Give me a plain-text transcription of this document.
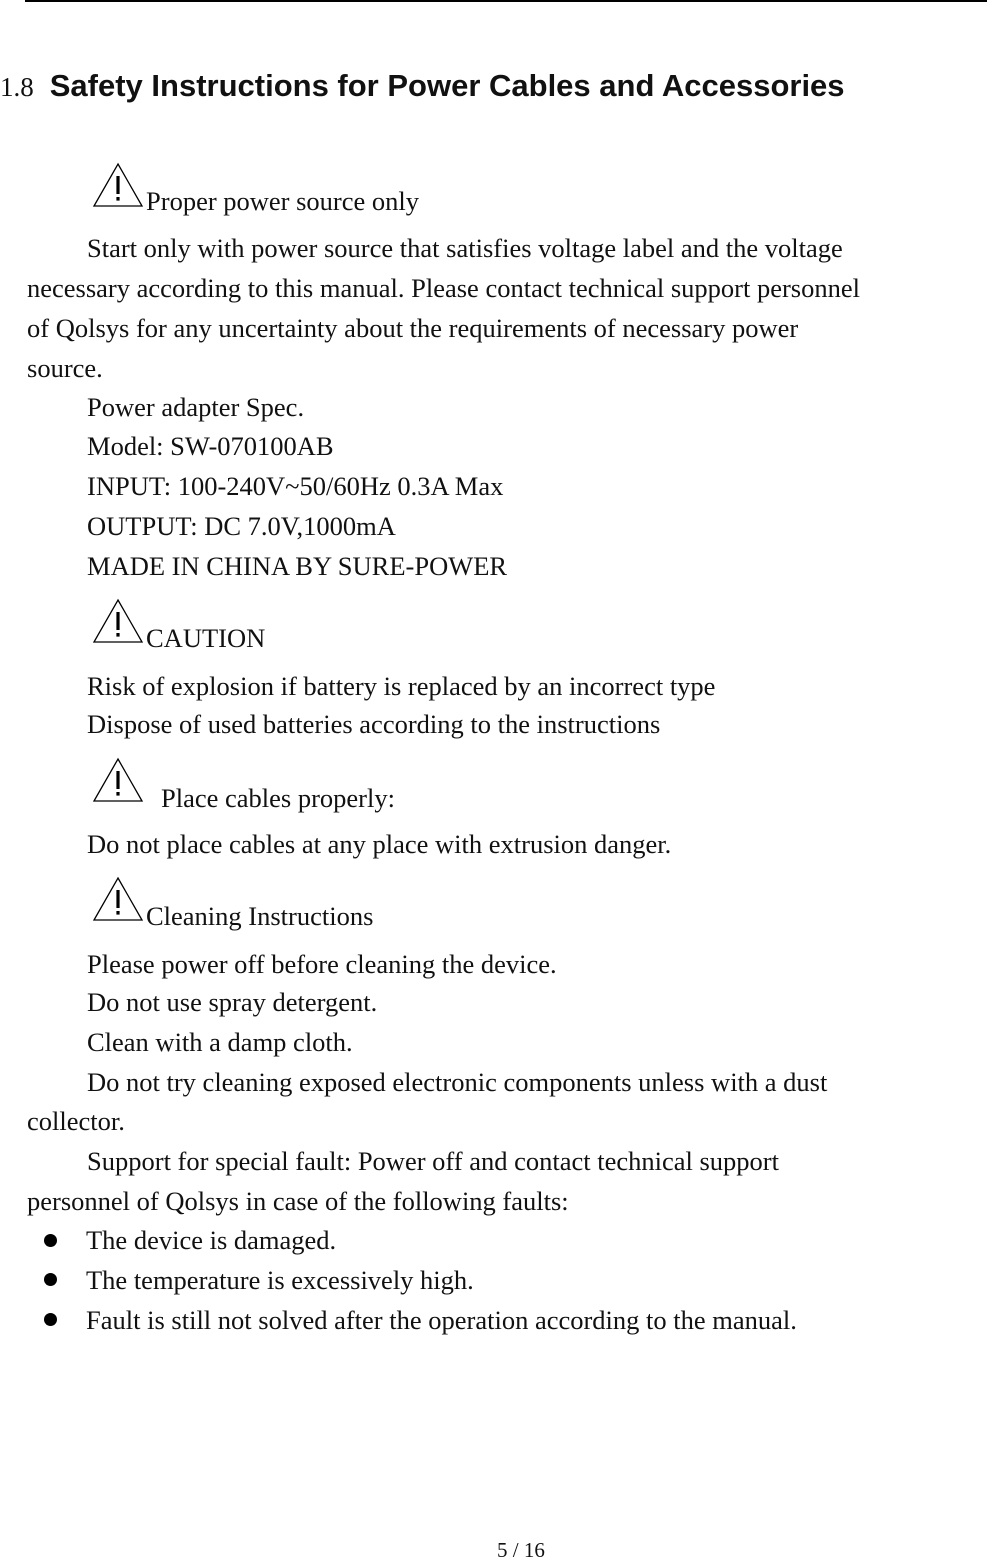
1.8 Safety Instructions for Power Cables and Accessories
Proper power source only
Start only with power source that satisfies voltage label and the voltage
necessary according to this manual. Please contact technical support personnel
of Qolsys for any uncertainty about the requirements of necessary power
source.
Power adapter Spec.
Model: SW-070100AB
INPUT: 100-240V~50/60Hz 0.3A Max
OUTPUT: DC 7.0V,1000mA
MADE IN CHINA BY SURE-POWER
CAUTION
Risk of explosion if battery is replaced by an incorrect type
Dispose of used batteries according to the instructions
Place cables properly:
Do not place cables at any place with extrusion danger.
Cleaning Instructions
Please power off before cleaning the device.
Do not use spray detergent.
Clean with a damp cloth.
Do not try cleaning exposed electronic components unless with a dust
collector.
Support for special fault: Power off and contact technical support
personnel of Qolsys in case of the following faults:
The device is damaged.
The temperature is excessively high.
Fault is still not solved after the operation according to the manual.
5 / 16
